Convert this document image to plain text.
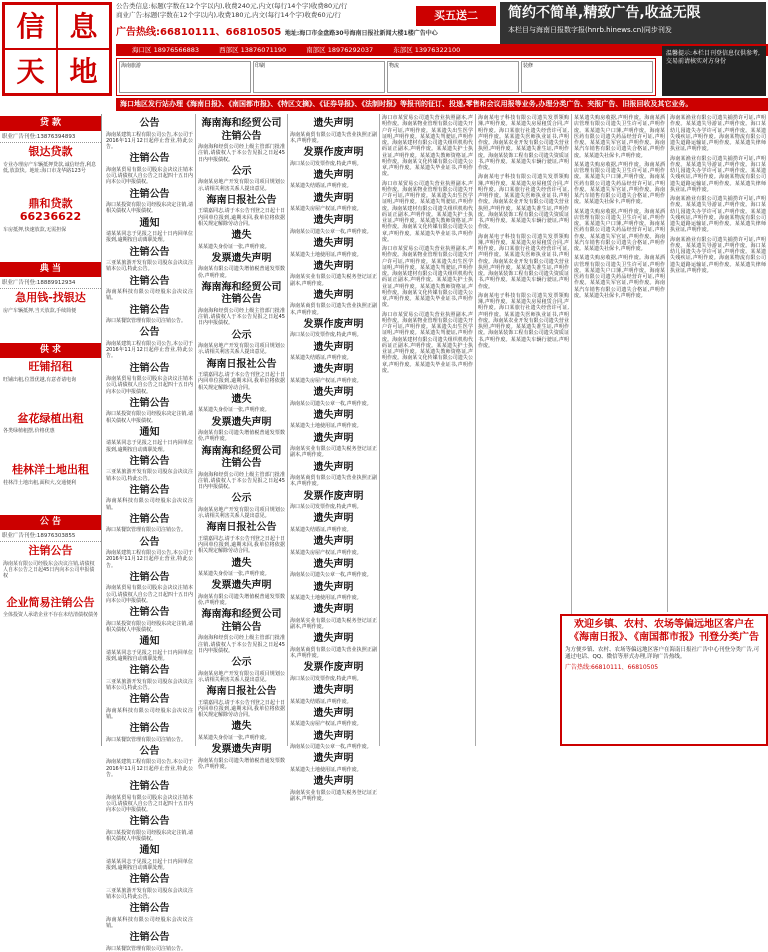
信 息
天 地
公告类信息:标题(字数在12个字以内),收费240元,内文(每行14个字)收费80元/行
商业广告:标题(字数在12个字以内),收费180元,内文(每行14个字)收费60元/行
广告热线:66810111、66810505 地址:海口市金盘路30号海南日报社新闻大楼1楼广告中心
买五送二	简约不简单,精致广告,收益无限
本栏目与海南日报数字报(hnrb.hinews.cn)同步刊发
海口区 18976566883	西部区 13876071190	南部区 18976292037	东部区 13976322100
海南旅游	印刷	物流	装修
温馨提示:本栏目刊登信息仅供参考,交易前请核实对方身份
海口地区发行站办理《海南日报》、《南国都市报》、《特区文摘》、《证券导报》、《法制时报》等报刊的征订、投递,零售和会议用报等业务,办理分类广告、夹报广告、旧报回收及其它业务。
贷 款
职业广告刊登:13876394893
银达贷款
专业办理房产车辆抵押贷款,诚信经营,利息低,放款快。地址:海口市龙华路123号
鼎和贷款66236622
车房抵押,快速放款,无需担保
典 当
职业广告刊登:18889912934
急用钱-找银达
房产车辆抵押,当天放款,手续简便
供 求
旺铺招租
旺铺出租,位置优越,有意者请电询
盆花绿植出租
各类绿植租摆,价格优惠
桂林洋土地出租
桂林洋土地出租,面积大,交通便利
公 告
职业广告刊登:18976303855
注销公告
海南某有限公司经股东会决议注销,请债权人自本公告之日起45日内向本公司申报债权
企业简易注销公告
全体投资人承诺企业不存在未结清债权债务
公告
海南某建筑工程有限公司公告,本公司于2016年11月12日起停止营业,特此公告。
注销公告
海南某贸易有限公司股东会决议注销本公司,请债权人自公告之日起四十五日内向本公司申报债权。
注销公告
海口某投资有限公司经股东决定注销,请相关债权人申报债权。
通知
请某某同志于见报之日起十日内回单位报到,逾期按自动离职处理。
注销公告
三亚某旅游开发有限公司股东会决议注销本公司,特此公告。
注销公告
海南某科技有限公司经股东会决议注销。
注销公告
海口某餐饮管理有限公司注销公告。
公告
海南某建筑工程有限公司公告,本公司于2016年11月12日起停止营业,特此公告。
注销公告
海南某贸易有限公司股东会决议注销本公司,请债权人自公告之日起四十五日内向本公司申报债权。
注销公告
海口某投资有限公司经股东决定注销,请相关债权人申报债权。
通知
请某某同志于见报之日起十日内回单位报到,逾期按自动离职处理。
注销公告
三亚某旅游开发有限公司股东会决议注销本公司,特此公告。
注销公告
海南某科技有限公司经股东会决议注销。
注销公告
海口某餐饮管理有限公司注销公告。
公告
海南某建筑工程有限公司公告,本公司于2016年11月12日起停止营业,特此公告。
注销公告
海南某贸易有限公司股东会决议注销本公司,请债权人自公告之日起四十五日内向本公司申报债权。
注销公告
海口某投资有限公司经股东决定注销,请相关债权人申报债权。
通知
请某某同志于见报之日起十日内回单位报到,逾期按自动离职处理。
注销公告
三亚某旅游开发有限公司股东会决议注销本公司,特此公告。
注销公告
海南某科技有限公司经股东会决议注销。
注销公告
海口某餐饮管理有限公司注销公告。
公告
海南某建筑工程有限公司公告,本公司于2016年11月12日起停止营业,特此公告。
注销公告
海南某贸易有限公司股东会决议注销本公司,请债权人自公告之日起四十五日内向本公司申报债权。
注销公告
海口某投资有限公司经股东决定注销,请相关债权人申报债权。
通知
请某某同志于见报之日起十日内回单位报到,逾期按自动离职处理。
注销公告
三亚某旅游开发有限公司股东会决议注销本公司,特此公告。
注销公告
海南某科技有限公司经股东会决议注销。
注销公告
海口某餐饮管理有限公司注销公告。
海南海和经贸公司注销公告
海南海和经贸公司经上级主管部门批准注销,请债权人于本公告见报之日起45日内申报债权。
公示
海南某房地产开发有限公司项目规划公示,请相关利害关系人提出意见。
海南日报社公告
王瑞嘉同志,请于本公告刊登之日起十日内回单位报到,逾期未回,我单位将依据相关规定解除劳动合同。
遗失
某某遗失身份证一张,声明作废。
发票遗失声明
海南某有限公司遗失增值税普通发票数份,声明作废。
海南海和经贸公司注销公告
海南海和经贸公司经上级主管部门批准注销,请债权人于本公告见报之日起45日内申报债权。
公示
海南某房地产开发有限公司项目规划公示,请相关利害关系人提出意见。
海南日报社公告
王瑞嘉同志,请于本公告刊登之日起十日内回单位报到,逾期未回,我单位将依据相关规定解除劳动合同。
遗失
某某遗失身份证一张,声明作废。
发票遗失声明
海南某有限公司遗失增值税普通发票数份,声明作废。
海南海和经贸公司注销公告
海南海和经贸公司经上级主管部门批准注销,请债权人于本公告见报之日起45日内申报债权。
公示
海南某房地产开发有限公司项目规划公示,请相关利害关系人提出意见。
海南日报社公告
王瑞嘉同志,请于本公告刊登之日起十日内回单位报到,逾期未回,我单位将依据相关规定解除劳动合同。
遗失
某某遗失身份证一张,声明作废。
发票遗失声明
海南某有限公司遗失增值税普通发票数份,声明作废。
海南海和经贸公司注销公告
海南海和经贸公司经上级主管部门批准注销,请债权人于本公告见报之日起45日内申报债权。
公示
海南某房地产开发有限公司项目规划公示,请相关利害关系人提出意见。
海南日报社公告
王瑞嘉同志,请于本公告刊登之日起十日内回单位报到,逾期未回,我单位将依据相关规定解除劳动合同。
遗失
某某遗失身份证一张,声明作废。
发票遗失声明
海南某有限公司遗失增值税普通发票数份,声明作废。
遗失声明
海南某商贸有限公司遗失营业执照正副本,声明作废。
发票作废声明
海口某公司发票作废,特此声明。
遗失声明
某某遗失结婚证,声明作废。
遗失声明
某某遗失房屋产权证,声明作废。
遗失声明
海南某公司遗失公章一枚,声明作废。
遗失声明
某某遗失土地使用证,声明作废。
遗失声明
海南某实业有限公司遗失税务登记证正副本,声明作废。
遗失声明
海南某商贸有限公司遗失营业执照正副本,声明作废。
发票作废声明
海口某公司发票作废,特此声明。
遗失声明
某某遗失结婚证,声明作废。
遗失声明
某某遗失房屋产权证,声明作废。
遗失声明
海南某公司遗失公章一枚,声明作废。
遗失声明
某某遗失土地使用证,声明作废。
遗失声明
海南某实业有限公司遗失税务登记证正副本,声明作废。
遗失声明
海南某商贸有限公司遗失营业执照正副本,声明作废。
发票作废声明
海口某公司发票作废,特此声明。
遗失声明
某某遗失结婚证,声明作废。
遗失声明
某某遗失房屋产权证,声明作废。
遗失声明
海南某公司遗失公章一枚,声明作废。
遗失声明
某某遗失土地使用证,声明作废。
遗失声明
海南某实业有限公司遗失税务登记证正副本,声明作废。
遗失声明
海南某商贸有限公司遗失营业执照正副本,声明作废。
发票作废声明
海口某公司发票作废,特此声明。
遗失声明
某某遗失结婚证,声明作废。
遗失声明
某某遗失房屋产权证,声明作废。
遗失声明
海南某公司遗失公章一枚,声明作废。
遗失声明
某某遗失土地使用证,声明作废。
遗失声明
海南某实业有限公司遗失税务登记证正副本,声明作废。
海口市某贸易公司遗失营业执照副本,声明作废。海南某物业管理有限公司遗失开户许可证,声明作废。某某遗失出生医学证明,声明作废。某某遗失驾驶证,声明作废。海南某建材有限公司遗失组织机构代码证正副本,声明作废。某某遗失护士执业证,声明作废。某某遗失教师资格证,声明作废。海南某文化传媒有限公司遗失公章,声明作废。某某遗失毕业证书,声明作废。
海口市某贸易公司遗失营业执照副本,声明作废。海南某物业管理有限公司遗失开户许可证,声明作废。某某遗失出生医学证明,声明作废。某某遗失驾驶证,声明作废。海南某建材有限公司遗失组织机构代码证正副本,声明作废。某某遗失护士执业证,声明作废。某某遗失教师资格证,声明作废。海南某文化传媒有限公司遗失公章,声明作废。某某遗失毕业证书,声明作废。
海口市某贸易公司遗失营业执照副本,声明作废。海南某物业管理有限公司遗失开户许可证,声明作废。某某遗失出生医学证明,声明作废。某某遗失驾驶证,声明作废。海南某建材有限公司遗失组织机构代码证正副本,声明作废。某某遗失护士执业证,声明作废。某某遗失教师资格证,声明作废。海南某文化传媒有限公司遗失公章,声明作废。某某遗失毕业证书,声明作废。
海口市某贸易公司遗失营业执照副本,声明作废。海南某物业管理有限公司遗失开户许可证,声明作废。某某遗失出生医学证明,声明作废。某某遗失驾驶证,声明作废。海南某建材有限公司遗失组织机构代码证正副本,声明作废。某某遗失护士执业证,声明作废。某某遗失教师资格证,声明作废。海南某文化传媒有限公司遗失公章,声明作废。某某遗失毕业证书,声明作废。
海南某电子科技有限公司遗失发票领购簿,声明作废。某某遗失房屋租赁合同,声明作废。海口某旅行社遗失经营许可证,声明作废。某某遗失医师执业证书,声明作废。海南某农业开发有限公司遗失营业执照,声明作废。某某遗失准生证,声明作废。海南某装饰工程有限公司遗失资质证书,声明作废。某某遗失车辆行驶证,声明作废。
海南某电子科技有限公司遗失发票领购簿,声明作废。某某遗失房屋租赁合同,声明作废。海口某旅行社遗失经营许可证,声明作废。某某遗失医师执业证书,声明作废。海南某农业开发有限公司遗失营业执照,声明作废。某某遗失准生证,声明作废。海南某装饰工程有限公司遗失资质证书,声明作废。某某遗失车辆行驶证,声明作废。
海南某电子科技有限公司遗失发票领购簿,声明作废。某某遗失房屋租赁合同,声明作废。海口某旅行社遗失经营许可证,声明作废。某某遗失医师执业证书,声明作废。海南某农业开发有限公司遗失营业执照,声明作废。某某遗失准生证,声明作废。海南某装饰工程有限公司遗失资质证书,声明作废。某某遗失车辆行驶证,声明作废。
海南某电子科技有限公司遗失发票领购簿,声明作废。某某遗失房屋租赁合同,声明作废。海口某旅行社遗失经营许可证,声明作废。某某遗失医师执业证书,声明作废。海南某农业开发有限公司遗失营业执照,声明作废。某某遗失准生证,声明作废。海南某装饰工程有限公司遗失资质证书,声明作废。某某遗失车辆行驶证,声明作废。
某某遗失购房收据,声明作废。海南某酒店管理有限公司遗失卫生许可证,声明作废。某某遗失户口簿,声明作废。海南某医药有限公司遗失药品经营许可证,声明作废。某某遗失军官证,声明作废。海南某汽车销售有限公司遗失合格证,声明作废。某某遗失社保卡,声明作废。
某某遗失购房收据,声明作废。海南某酒店管理有限公司遗失卫生许可证,声明作废。某某遗失户口簿,声明作废。海南某医药有限公司遗失药品经营许可证,声明作废。某某遗失军官证,声明作废。海南某汽车销售有限公司遗失合格证,声明作废。某某遗失社保卡,声明作废。
某某遗失购房收据,声明作废。海南某酒店管理有限公司遗失卫生许可证,声明作废。某某遗失户口簿,声明作废。海南某医药有限公司遗失药品经营许可证,声明作废。某某遗失军官证,声明作废。海南某汽车销售有限公司遗失合格证,声明作废。某某遗失社保卡,声明作废。
某某遗失购房收据,声明作废。海南某酒店管理有限公司遗失卫生许可证,声明作废。某某遗失户口簿,声明作废。海南某医药有限公司遗失药品经营许可证,声明作废。某某遗失军官证,声明作废。海南某汽车销售有限公司遗失合格证,声明作废。某某遗失社保卡,声明作废。
海南某渔业有限公司遗失捕捞许可证,声明作废。某某遗失导游证,声明作废。海口某幼儿园遗失办学许可证,声明作废。某某遗失残疾证,声明作废。海南某物流有限公司遗失道路运输证,声明作废。某某遗失律师执业证,声明作废。
海南某渔业有限公司遗失捕捞许可证,声明作废。某某遗失导游证,声明作废。海口某幼儿园遗失办学许可证,声明作废。某某遗失残疾证,声明作废。海南某物流有限公司遗失道路运输证,声明作废。某某遗失律师执业证,声明作废。
海南某渔业有限公司遗失捕捞许可证,声明作废。某某遗失导游证,声明作废。海口某幼儿园遗失办学许可证,声明作废。某某遗失残疾证,声明作废。海南某物流有限公司遗失道路运输证,声明作废。某某遗失律师执业证,声明作废。
海南某渔业有限公司遗失捕捞许可证,声明作废。某某遗失导游证,声明作废。海口某幼儿园遗失办学许可证,声明作废。某某遗失残疾证,声明作废。海南某物流有限公司遗失道路运输证,声明作废。某某遗失律师执业证,声明作废。
欢迎乡镇、农村、农场等偏远地区客户在
《海南日报》、《南国都市报》刊登分类广告
为方便乡镇、农村、农场等偏远地区客户在海南日报社广告中心刊登分类广告,可通过电话、QQ、微信等形式办理,详询广告热线。
广告热线:66810111、66810505
